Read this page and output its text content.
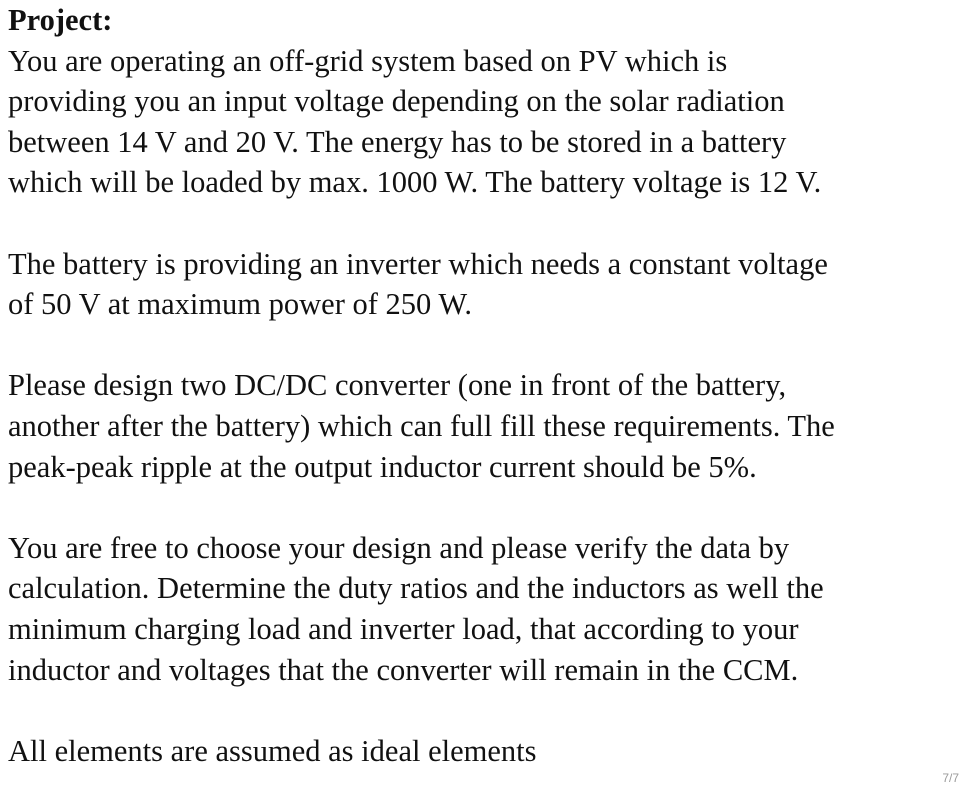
Project:
You are operating an off-grid system based on PV which is
providing you an input voltage depending on the solar radiation
between 14 V and 20 V. The energy has to be stored in a battery
which will be loaded by max. 1000 W. The battery voltage is 12 V.
The battery is providing an inverter which needs a constant voltage
of 50 V at maximum power of 250 W.
Please design two DC/DC converter (one in front of the battery,
another after the battery) which can full fill these requirements. The
peak-peak ripple at the output inductor current should be 5%.
You are free to choose your design and please verify the data by
calculation. Determine the duty ratios and the inductors as well the
minimum charging load and inverter load, that according to your
inductor and voltages that the converter will remain in the CCM.
All elements are assumed as ideal elements
7/7
